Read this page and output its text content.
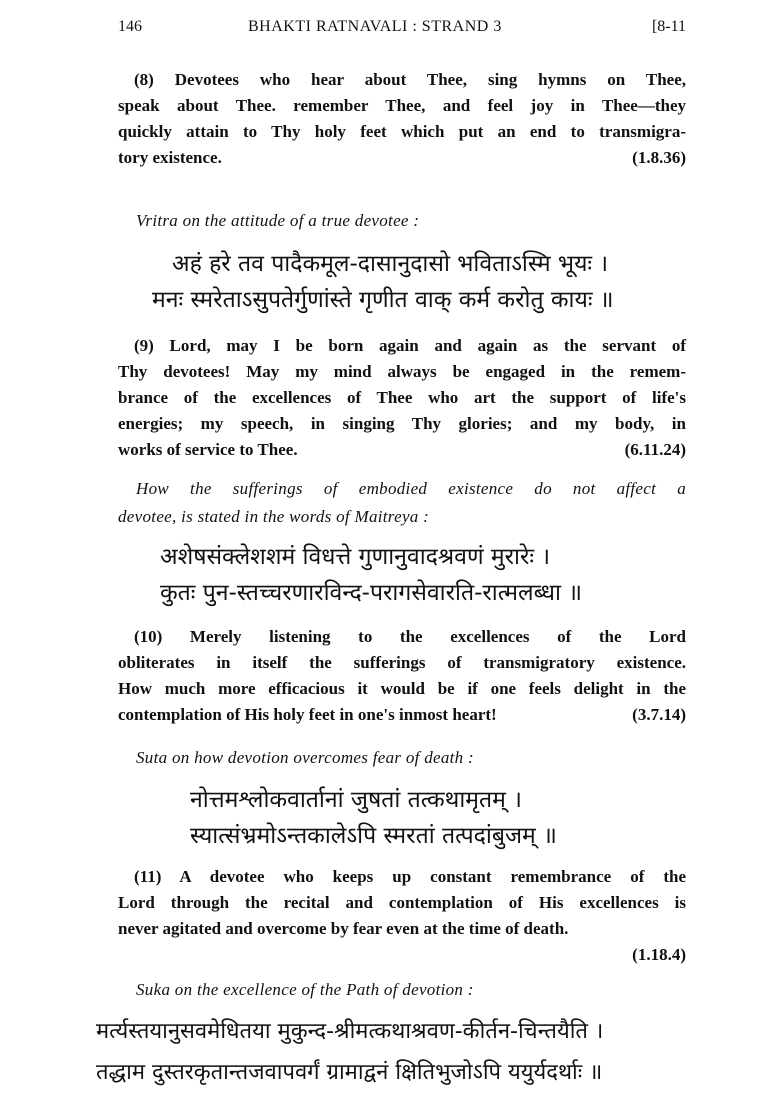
146	BHAKTI RATNAVALI : STRAND 3	[8-11
(8) Devotees who hear about Thee, sing hymns on Thee,
speak about Thee. remember Thee, and feel joy in Thee—they
quickly attain to Thy holy feet which put an end to transmigra-
tory existence.	(1.8.36)
Vritra on the attitude of a true devotee :
अहं हरे तव पादैकमूल-दासानुदासो भविताऽस्मि भूयः ।
मनः स्मरेताऽसुपतेर्गुणांस्ते गृणीत वाक् कर्म करोतु कायः ॥
(9) Lord, may I be born again and again as the servant of
Thy devotees! May my mind always be engaged in the remem-
brance of the excellences of Thee who art the support of life's
energies; my speech, in singing Thy glories; and my body, in
works of service to Thee.	(6.11.24)
How the sufferings of embodied existence do not affect a
devotee, is stated in the words of Maitreya :
अशेषसंक्लेशशमं विधत्ते गुणानुवादश्रवणं मुरारेः ।
कुतः पुन-स्तच्चरणारविन्द-परागसेवारति-रात्मलब्धा ॥
(10) Merely listening to the excellences of the Lord
obliterates in itself the sufferings of transmigratory existence.
How much more efficacious it would be if one feels delight in the
contemplation of His holy feet in one's inmost heart!	(3.7.14)
Suta on how devotion overcomes fear of death :
नोत्तमश्लोकवार्तानां जुषतां तत्कथामृतम् ।
स्यात्संभ्रमोऽन्तकालेऽपि स्मरतां तत्पदांबुजम् ॥
(11) A devotee who keeps up constant remembrance of the
Lord through the recital and contemplation of His excellences is
never agitated and overcome by fear even at the time of death.
(1.18.4)
Suka on the excellence of the Path of devotion :
मर्त्यस्तयानुसवमेधितया मुकुन्द-श्रीमत्कथाश्रवण-कीर्तन-चिन्तयैति ।
तद्धाम दुस्तरकृतान्तजवापवर्गं ग्रामाद्वनं क्षितिभुजोऽपि ययुर्यदर्थाः ॥
